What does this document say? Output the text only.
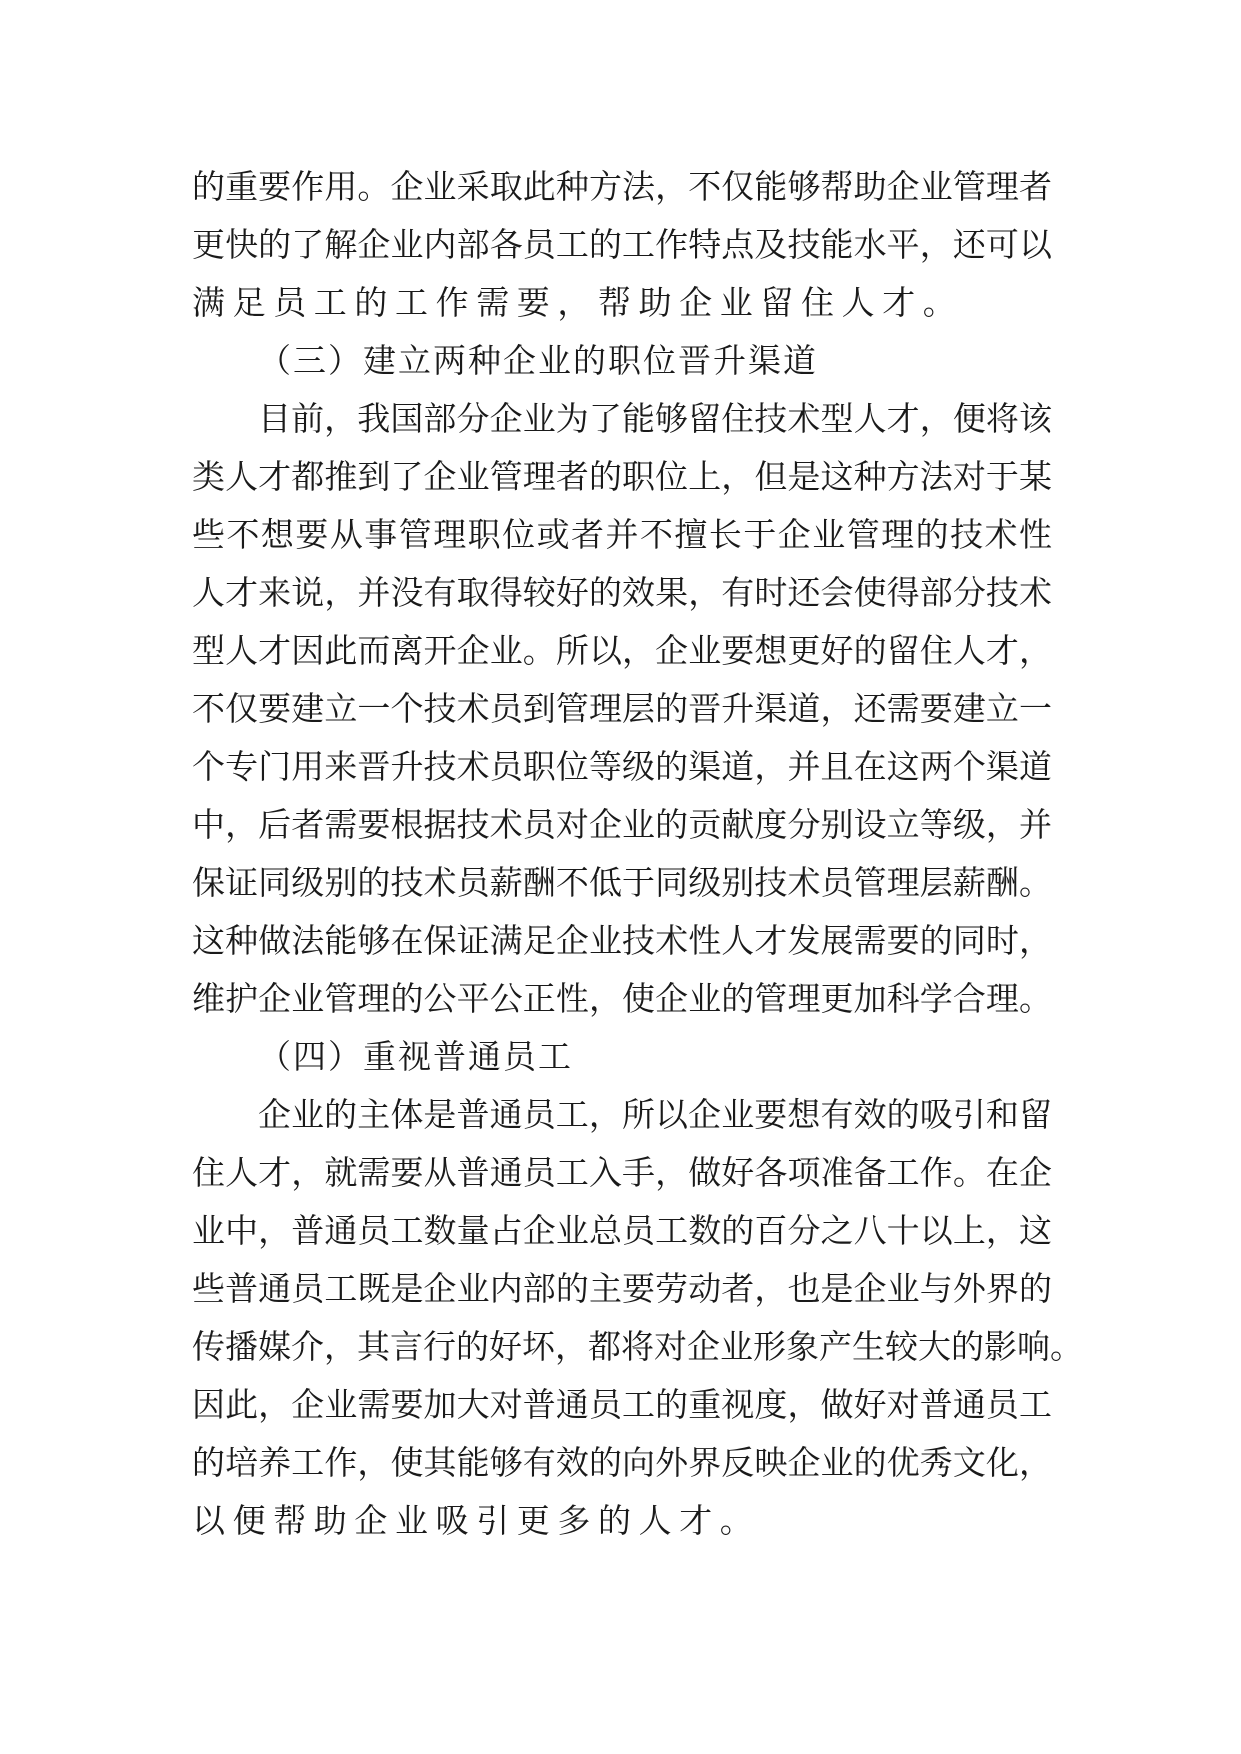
的重要作用。企业采取此种方法，不仅能够帮助企业管理者
更快的了解企业内部各员工的工作特点及技能水平，还可以
满足员工的工作需要，帮助企业留住人才。
（三）建立两种企业的职位晋升渠道
目前，我国部分企业为了能够留住技术型人才，便将该
类人才都推到了企业管理者的职位上，但是这种方法对于某
些不想要从事管理职位或者并不擅长于企业管理的技术性
人才来说，并没有取得较好的效果，有时还会使得部分技术
型人才因此而离开企业。所以，企业要想更好的留住人才，
不仅要建立一个技术员到管理层的晋升渠道，还需要建立一
个专门用来晋升技术员职位等级的渠道，并且在这两个渠道
中，后者需要根据技术员对企业的贡献度分别设立等级，并
保证同级别的技术员薪酬不低于同级别技术员管理层薪酬。
这种做法能够在保证满足企业技术性人才发展需要的同时，
维护企业管理的公平公正性，使企业的管理更加科学合理。
（四）重视普通员工
企业的主体是普通员工，所以企业要想有效的吸引和留
住人才，就需要从普通员工入手，做好各项准备工作。在企
业中，普通员工数量占企业总员工数的百分之八十以上，这
些普通员工既是企业内部的主要劳动者，也是企业与外界的
传播媒介，其言行的好坏，都将对企业形象产生较大的影响。
因此，企业需要加大对普通员工的重视度，做好对普通员工
的培养工作，使其能够有效的向外界反映企业的优秀文化，
以便帮助企业吸引更多的人才。
